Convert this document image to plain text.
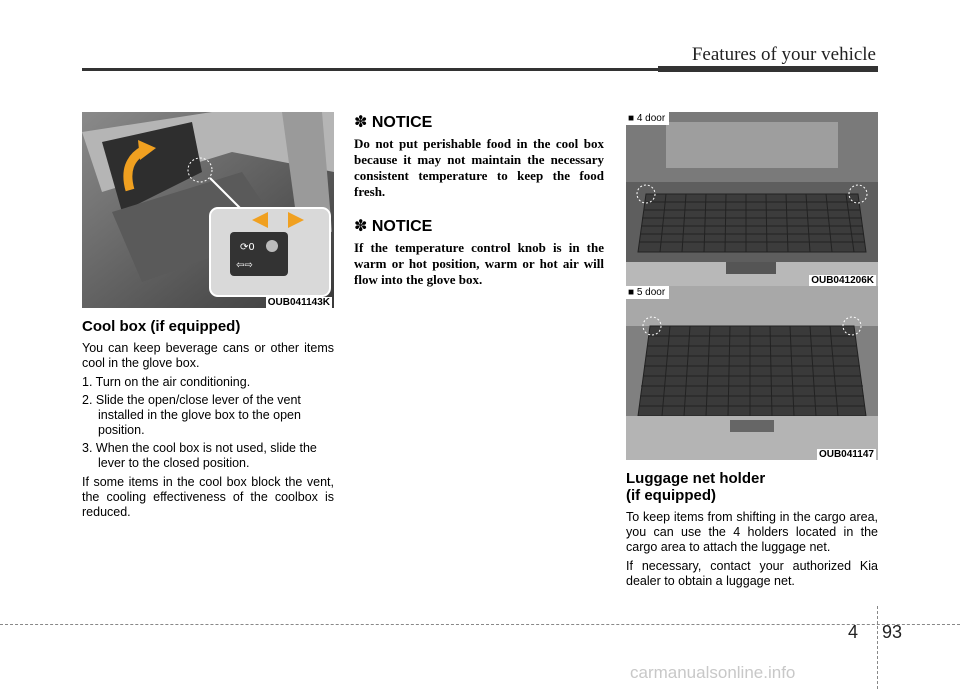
Features of your vehicle
⟳0
⇦⇨
OUB041143K
Cool box (if equipped)

You can keep beverage cans or other items cool in the glove box.

1. Turn on the air conditioning.
2. Slide the open/close lever of the vent installed in the glove box to the open position.
3. When the cool box is not used, slide the lever to the closed position.

If some items in the cool box block the vent, the cooling effectiveness of the coolbox is reduced.

✽ NOTICE
Do not put perishable food in the cool box because it may not maintain the necessary consistent temperature to keep the food fresh.
✽ NOTICE
If the temperature control knob is in the warm or hot position, warm or hot air will flow into the glove box.
■ 4 door
OUB041206K
■ 5 door
OUB041147
Luggage net holder
(if equipped)

To keep items from shifting in the cargo area, you can use the 4 holders located in the cargo area to attach the luggage net.

If necessary, contact your authorized Kia dealer to obtain a luggage net.

4 93
carmanualsonline.info
